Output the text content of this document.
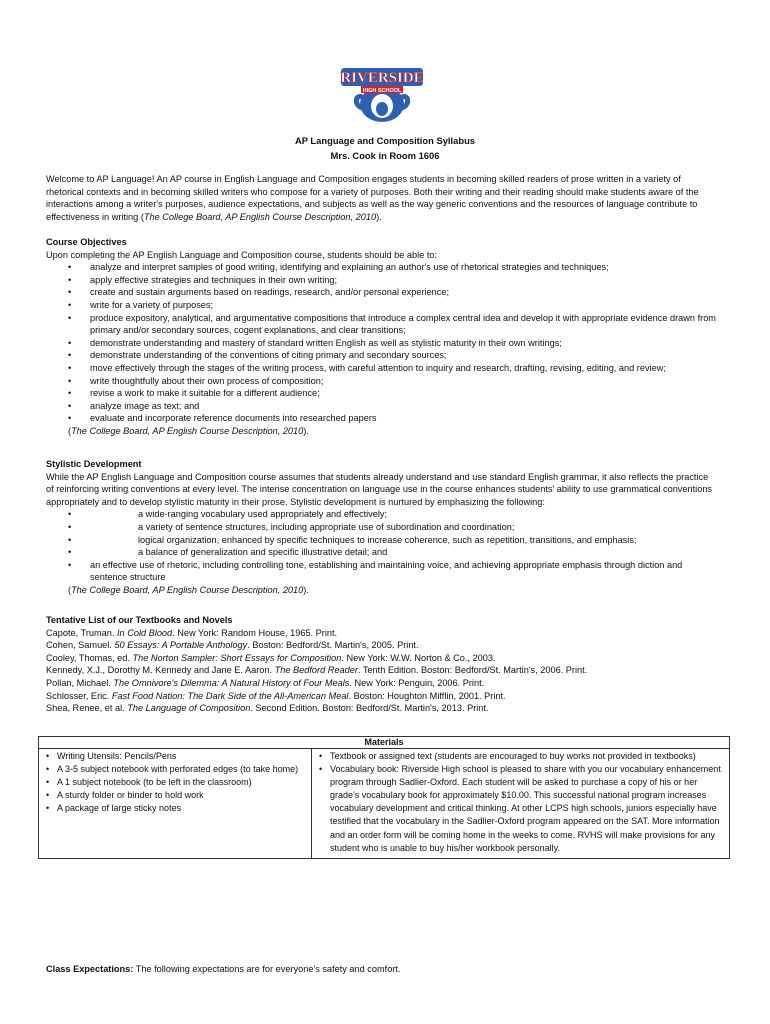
RIVERSIDE
HIGH SCHOOL
AP Language and Composition Syllabus
Mrs. Cook in Room 1606

Welcome to AP Language! An AP course in English Language and Composition engages students in becoming skilled readers of prose written in a variety of rhetorical contexts and in becoming skilled writers who compose for a variety of purposes. Both their writing and their reading should make students aware of the interactions among a writer's purposes, audience expectations, and subjects as well as the way generic conventions and the resources of language contribute to effectiveness in writing (The College Board, AP English Course Description, 2010).

Course Objectives

Upon completing the AP English Language and Composition course, students should be able to:

• analyze and interpret samples of good writing, identifying and explaining an author's use of rhetorical strategies and techniques;
• apply effective strategies and techniques in their own writing;
• create and sustain arguments based on readings, research, and/or personal experience;
• write for a variety of purposes;
• produce expository, analytical, and argumentative compositions that introduce a complex central idea and develop it with appropriate evidence drawn from primary and/or secondary sources, cogent explanations, and clear transitions;
• demonstrate understanding and mastery of standard written English as well as stylistic maturity in their own writings;
• demonstrate understanding of the conventions of citing primary and secondary sources;
• move effectively through the stages of the writing process, with careful attention to inquiry and research, drafting, revising, editing, and review;
• write thoughtfully about their own process of composition;
• revise a work to make it suitable for a different audience;
• analyze image as text; and
• evaluate and incorporate reference documents into researched papers

(The College Board, AP English Course Description, 2010).

Stylistic Development

While the AP English Language and Composition course assumes that students already understand and use standard English grammar, it also reflects the practice of reinforcing writing conventions at every level. The intense concentration on language use in the course enhances students' ability to use grammatical conventions appropriately and to develop stylistic maturity in their prose. Stylistic development is nurtured by emphasizing the following:

• a wide-ranging vocabulary used appropriately and effectively;
• a variety of sentence structures, including appropriate use of subordination and coordination;
• logical organization, enhanced by specific techniques to increase coherence, such as repetition, transitions, and emphasis;
• a balance of generalization and specific illustrative detail; and
• an effective use of rhetoric, including controlling tone, establishing and maintaining voice, and achieving appropriate emphasis through diction and sentence structure

(The College Board, AP English Course Description, 2010).

Tentative List of our Textbooks and Novels

Capote, Truman. In Cold Blood. New York: Random House, 1965. Print.

Cohen, Samuel. 50 Essays: A Portable Anthology. Boston: Bedford/St. Martin's, 2005. Print.

Cooley, Thomas, ed. The Norton Sampler: Short Essays for Composition. New York: W.W. Norton & Co., 2003.

Kennedy, X.J., Dorothy M. Kennedy and Jane E. Aaron. The Bedford Reader. Tenth Edition. Boston: Bedford/St. Martin's, 2006. Print.

Pollan, Michael. The Omnivore's Dilemma: A Natural History of Four Meals. New York: Penguin, 2006. Print.

Schlosser, Eric. Fast Food Nation: The Dark Side of the All-American Meal. Boston: Houghton Mifflin, 2001. Print.

Shea, Renee, et al. The Language of Composition. Second Edition. Boston: Bedford/St. Martin's, 2013. Print.

Materials

• Writing Utensils: Pencils/Pens
• A 3-5 subject notebook with perforated edges (to take home)
• A 1 subject notebook (to be left in the classroom)
• A sturdy folder or binder to hold work
• A package of large sticky notes

• Textbook or assigned text (students are encouraged to buy works not provided in textbooks)
• Vocabulary book: Riverside High school is pleased to share with you our vocabulary enhancement program through Sadlier-Oxford. Each student will be asked to purchase a copy of his or her grade's vocabulary book for approximately $10.00. This successful national program increases vocabulary development and critical thinking. At other LCPS high schools, juniors especially have testified that the vocabulary in the Sadlier-Oxford program appeared on the SAT. More information and an order form will be coming home in the weeks to come. RVHS will make provisions for any student who is unable to buy his/her workbook personally.

Class Expectations: The following expectations are for everyone's safety and comfort.
